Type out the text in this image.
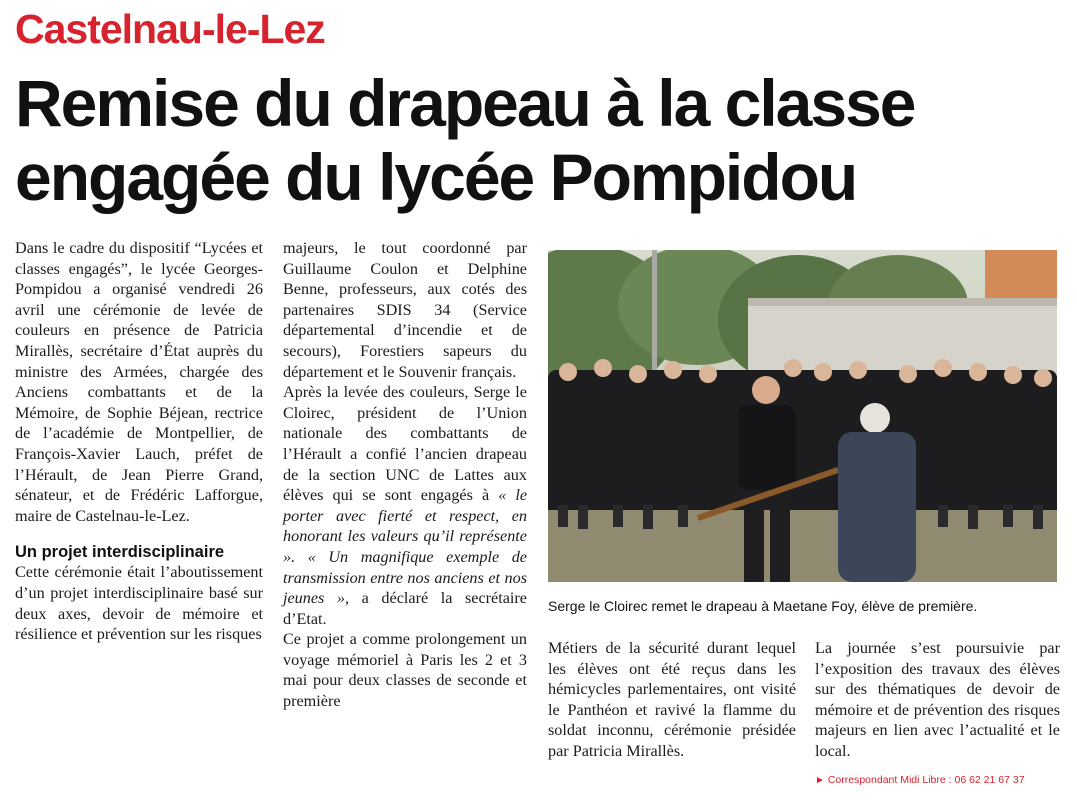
Castelnau-le-Lez
Remise du drapeau à la classe
engagée du lycée Pompidou

Dans le cadre du dispositif “Lycées et classes engagés”, le lycée Georges-Pompidou a organisé vendredi 26 avril une cérémonie de levée de couleurs en présence de Patricia Mirallès, secrétaire d’État auprès du ministre des Armées, chargée des Anciens combattants et de la Mémoire, de Sophie Béjean, rectrice de l’académie de Montpellier, de François-Xavier Lauch, préfet de l’Hérault, de Jean Pierre Grand, sénateur, et de Frédéric Lafforgue, maire de Castelnau-le-Lez.

Un projet interdisciplinaire

Cette cérémonie était l’aboutissement d’un projet interdisciplinaire basé sur deux axes, devoir de mémoire et résilience et prévention sur les risques

majeurs, le tout coordonné par Guillaume Coulon et Delphine Benne, professeurs, aux cotés des partenaires SDIS 34 (Service départemental d’incendie et de secours), Forestiers sapeurs du département et le Souvenir français.

Après la levée des couleurs, Serge le Cloirec, président de l’Union nationale des combattants de l’Hérault a confié l’ancien drapeau de la section UNC de Lattes aux élèves qui se sont engagés à « le porter avec fierté et respect, en honorant les valeurs qu’il représente ». « Un magnifique exemple de transmission entre nos anciens et nos jeunes », a déclaré la secrétaire d’Etat.

Ce projet a comme prolongement un voyage mémoriel à Paris les 2 et 3 mai pour deux classes de seconde et première

Serge le Cloirec remet le drapeau à Maetane Foy, élève de première.

Métiers de la sécurité durant lequel les élèves ont été reçus dans les hémicycles parlementaires, ont visité le Panthéon et ravivé la flamme du soldat inconnu, cérémonie présidée par Patricia Mirallès.

La journée s’est poursuivie par l’exposition des travaux des élèves sur des thématiques de devoir de mémoire et de prévention des risques majeurs en lien avec l’actualité et le local.

► Correspondant Midi Libre : 06 62 21 67 37
